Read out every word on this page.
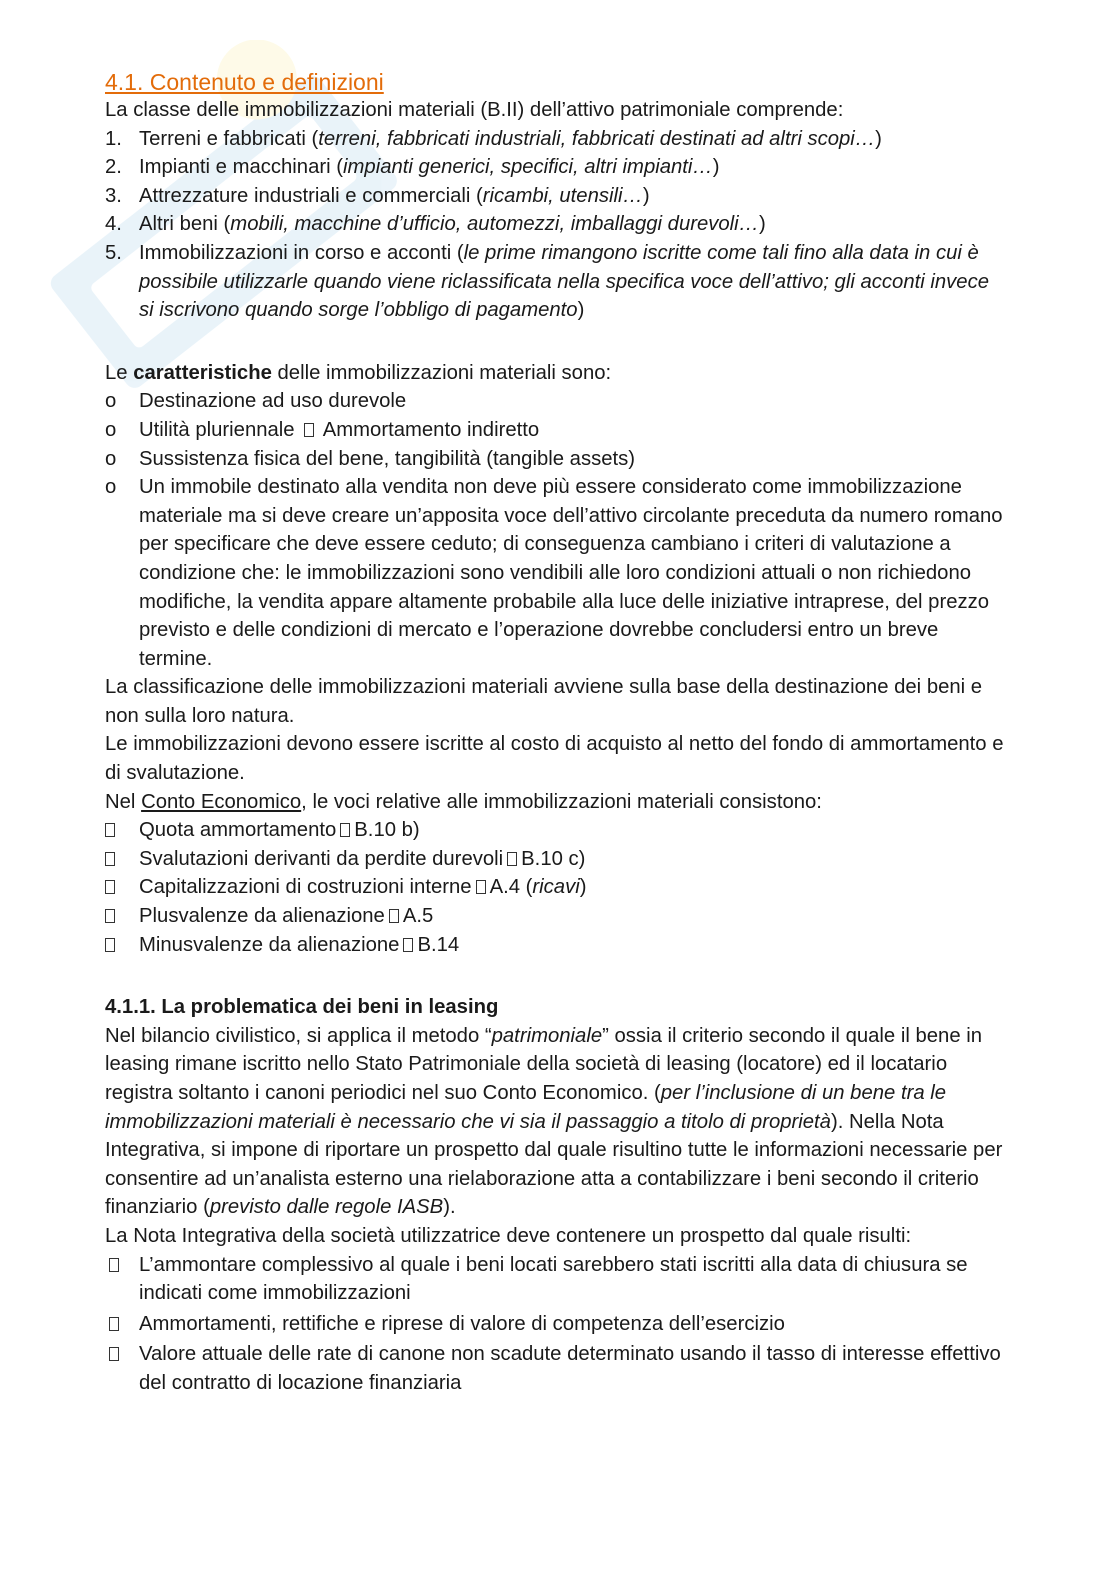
4.1. Contenuto e definizioni

La classe delle immobilizzazioni materiali (B.II) dell’attivo patrimoniale comprende:

1. Terreni e fabbricati (terreni, fabbricati industriali, fabbricati destinati ad altri scopi…)
2. Impianti e macchinari (impianti generici, specifici, altri impianti…)
3. Attrezzature industriali e commerciali (ricambi, utensili…)
4. Altri beni (mobili, macchine d’ufficio, automezzi, imballaggi durevoli…)
5. Immobilizzazioni in corso e acconti (le prime rimangono iscritte come tali fino alla data in cui è possibile utilizzarle quando viene riclassificata nella specifica voce dell’attivo; gli acconti invece si iscrivono quando sorge l’obbligo di pagamento)

Le caratteristiche delle immobilizzazioni materiali sono:

o Destinazione ad uso durevole
o Utilità pluriennale  Ammortamento indiretto
o Sussistenza fisica del bene, tangibilità (tangible assets)
o Un immobile destinato alla vendita non deve più essere considerato come immobilizzazione materiale ma si deve creare un’apposita voce dell’attivo circolante preceduta da numero romano per specificare che deve essere ceduto; di conseguenza cambiano i criteri di valutazione a condizione che: le immobilizzazioni sono vendibili alle loro condizioni attuali o non richiedono modifiche, la vendita appare altamente probabile alla luce delle iniziative intraprese, del prezzo previsto e delle condizioni di mercato e l’operazione dovrebbe concludersi entro un breve termine.

La classificazione delle immobilizzazioni materiali avviene sulla base della destinazione dei beni e non sulla loro natura.

Le immobilizzazioni devono essere iscritte al costo di acquisto al netto del fondo di ammortamento e di svalutazione.

Nel Conto Economico, le voci relative alle immobilizzazioni materiali consistono:

Quota ammortamento B.10 b)
Svalutazioni derivanti da perdite durevoli B.10 c)
Capitalizzazioni di costruzioni interne A.4 (ricavi)
Plusvalenze da alienazione A.5
Minusvalenze da alienazione B.14
4.1.1. La problematica dei beni in leasing

Nel bilancio civilistico, si applica il metodo “patrimoniale” ossia il criterio secondo il quale il bene in leasing rimane iscritto nello Stato Patrimoniale della società di leasing (locatore) ed il locatario registra soltanto i canoni periodici nel suo Conto Economico. (per l’inclusione di un bene tra le immobilizzazioni materiali è necessario che vi sia il passaggio a titolo di proprietà). Nella Nota Integrativa, si impone di riportare un prospetto dal quale risultino tutte le informazioni necessarie per consentire ad un’analista esterno una rielaborazione atta a contabilizzare i beni secondo il criterio finanziario (previsto dalle regole IASB).

La Nota Integrativa della società utilizzatrice deve contenere un prospetto dal quale risulti:

L’ammontare complessivo al quale i beni locati sarebbero stati iscritti alla data di chiusura se indicati come immobilizzazioni
Ammortamenti, rettifiche e riprese di valore di competenza dell’esercizio
Valore attuale delle rate di canone non scadute determinato usando il tasso di interesse effettivo del contratto di locazione finanziaria
